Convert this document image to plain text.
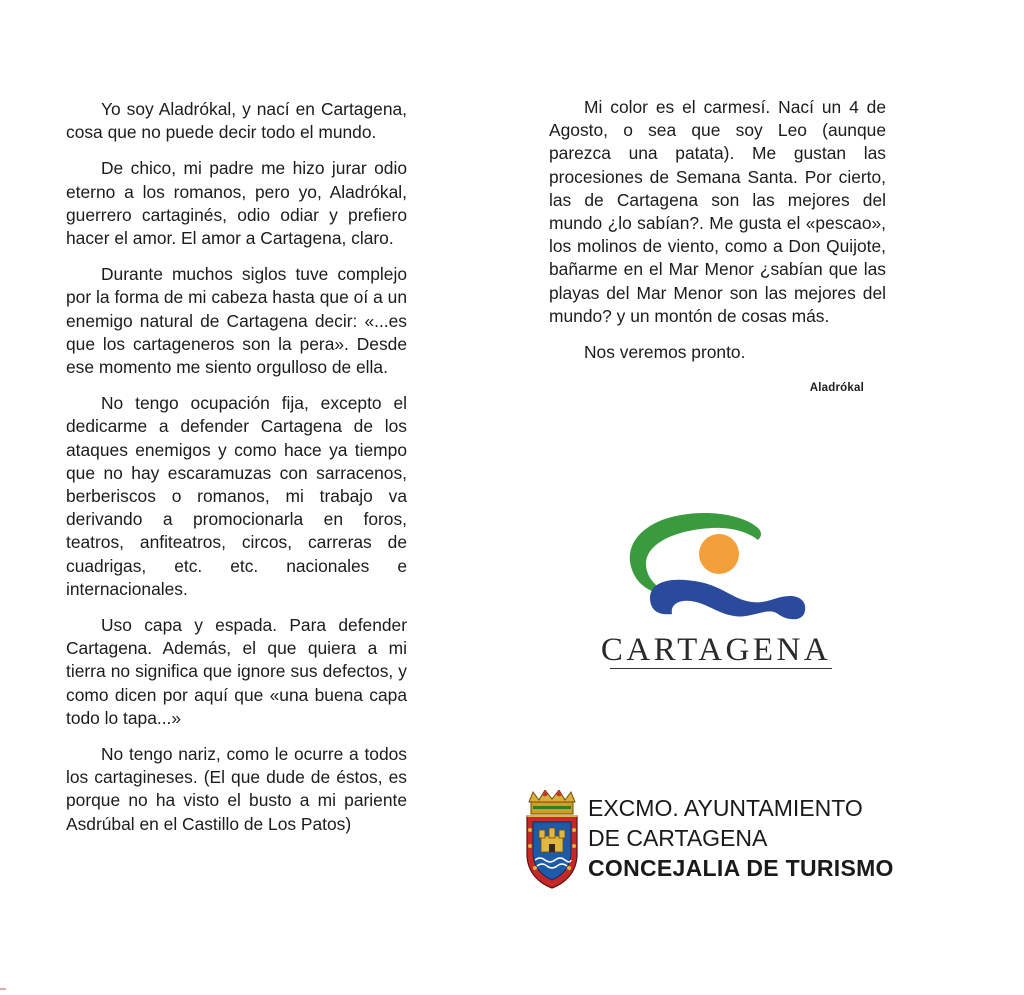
Yo soy Aladrókal, y nací en Cartagena, cosa que no puede decir todo el mundo.

De chico, mi padre me hizo jurar odio eterno a los romanos, pero yo, Aladrókal, guerrero cartaginés, odio odiar y prefiero hacer el amor. El amor a Cartagena, claro.

Durante muchos siglos tuve complejo por la forma de mi cabeza hasta que oí a un enemigo natural de Cartagena decir: «...es que los cartageneros son la pera». Desde ese momento me siento orgulloso de ella.

No tengo ocupación fija, excepto el dedicarme a defender Cartagena de los ataques enemigos y como hace ya tiempo que no hay escaramuzas con sarracenos, berberiscos o romanos, mi trabajo va derivando a promocionarla en foros, teatros, anfiteatros, circos, carreras de cuadrigas, etc. etc. nacionales e internacionales.

Uso capa y espada. Para defender Cartagena. Además, el que quiera a mi tierra no significa que ignore sus defectos, y como dicen por aquí que «una buena capa todo lo tapa...»

No tengo nariz, como le ocurre a todos los cartagineses. (El que dude de éstos, es porque no ha visto el busto a mi pariente Asdrúbal en el Castillo de Los Patos)

Mi color es el carmesí. Nací un 4 de Agosto, o sea que soy Leo (aunque parezca una patata). Me gustan las procesiones de Semana Santa. Por cierto, las de Cartagena son las mejores del mundo ¿lo sabían?. Me gusta el «pescao», los molinos de viento, como a Don Quijote, bañarme en el Mar Menor ¿sabían que las playas del Mar Menor son las mejores del mundo? y un montón de cosas más.

Nos veremos pronto.

Aladrókal
CARTAGENA
EXCMO. AYUNTAMIENTO
DE CARTAGENA
CONCEJALIA DE TURISMO
